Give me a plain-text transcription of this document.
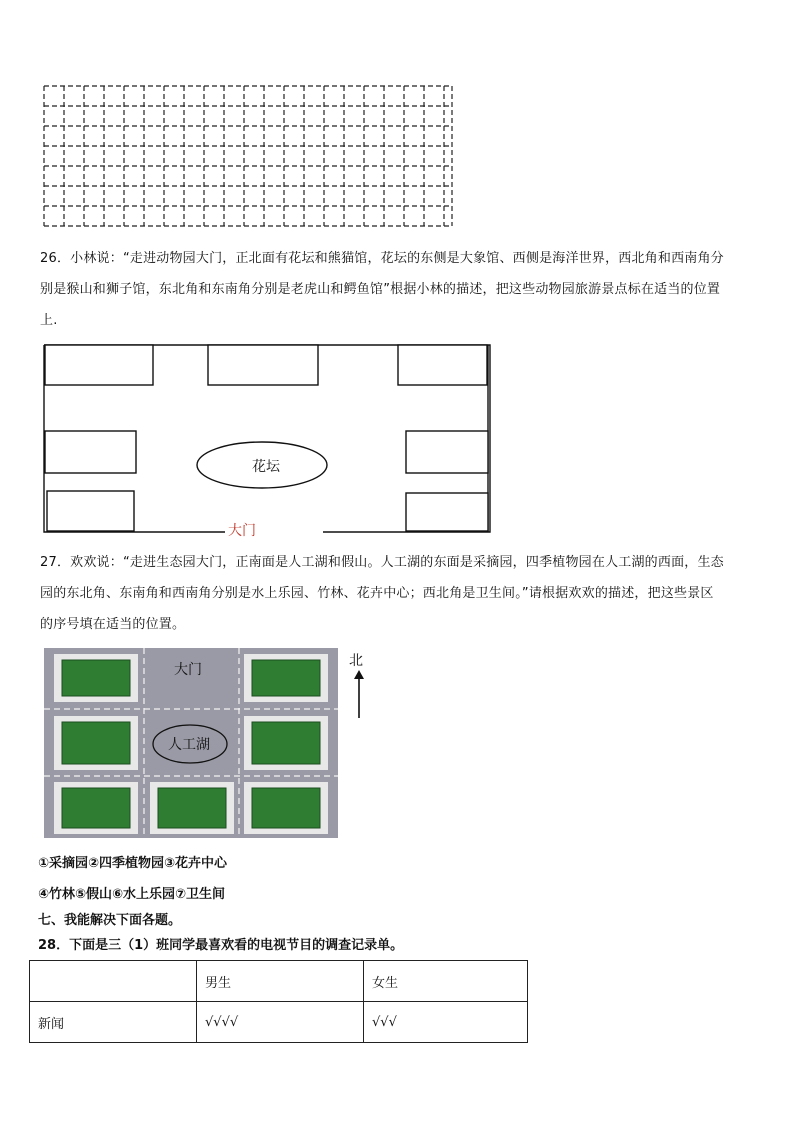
26．小林说：“走进动物园大门，正北面有花坛和熊猫馆，花坛的东侧是大象馆、西侧是海洋世界，西北角和西南角分
别是猴山和狮子馆，东北角和东南角分别是老虎山和鳄鱼馆”根据小林的描述，把这些动物园旅游景点标在适当的位置
上.
花坛
大门
27．欢欢说：“走进生态园大门，正南面是人工湖和假山。人工湖的东面是采摘园，四季植物园在人工湖的西面，生态
园的东北角、东南角和西南角分别是水上乐园、竹林、花卉中心；西北角是卫生间。”请根据欢欢的描述，把这些景区
的序号填在适当的位置。
大门
人工湖
北
①采摘园②四季植物园③花卉中心
④竹林⑤假山⑥水上乐园⑦卫生间
七、我能解决下面各题。
28．下面是三（1）班同学最喜欢看的电视节目的调查记录单。
	男生	女生
新闻	√√√√	√√√
